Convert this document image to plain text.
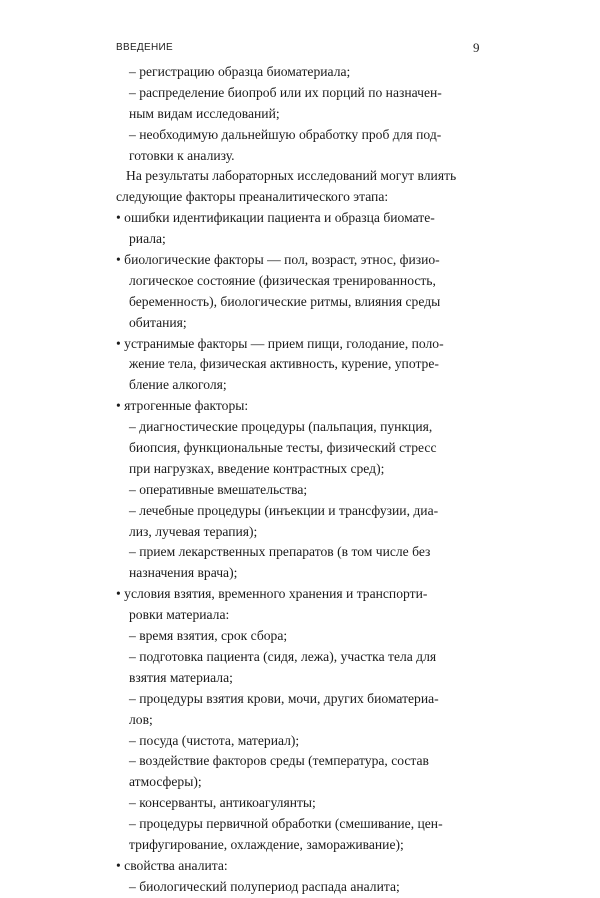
ВВЕДЕНИЕ	9
– регистрацию образца биоматериала;
– распределение биопроб или их порций по назначен-
ным видам исследований;
– необходимую дальнейшую обработку проб для под-
готовки к анализу.
На результаты лабораторных исследований могут влиять
следующие факторы преаналитического этапа:
• ошибки идентификации пациента и образца биомате-
риала;
• биологические факторы — пол, возраст, этнос, физио-
логическое состояние (физическая тренированность,
беременность), биологические ритмы, влияния среды
обитания;
• устранимые факторы — прием пищи, голодание, поло-
жение тела, физическая активность, курение, употре-
бление алкоголя;
• ятрогенные факторы:
– диагностические процедуры (пальпация, пункция,
биопсия, функциональные тесты, физический стресс
при нагрузках, введение контрастных сред);
– оперативные вмешательства;
– лечебные процедуры (инъекции и трансфузии, диа-
лиз, лучевая терапия);
– прием лекарственных препаратов (в том числе без
назначения врача);
• условия взятия, временного хранения и транспорти-
ровки материала:
– время взятия, срок сбора;
– подготовка пациента (сидя, лежа), участка тела для
взятия материала;
– процедуры взятия крови, мочи, других биоматериа-
лов;
– посуда (чистота, материал);
– воздействие факторов среды (температура, состав
атмосферы);
– консерванты, антикоагулянты;
– процедуры первичной обработки (смешивание, цен-
трифугирование, охлаждение, замораживание);
• свойства аналита:
– биологический полупериод распада аналита;
